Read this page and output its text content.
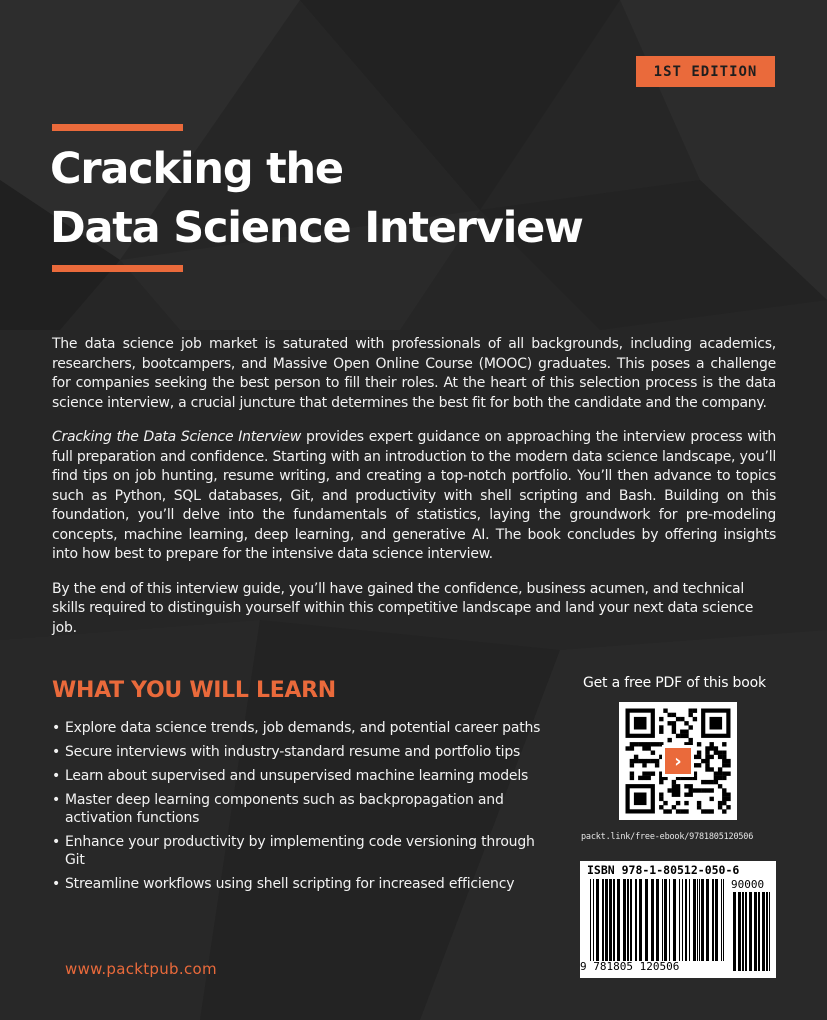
1ST EDITION
Cracking the
Data Science Interview

The data science job market is saturated with professionals of all backgrounds, including academics, researchers, bootcampers, and Massive Open Online Course (MOOC) graduates. This poses a challenge for companies seeking the best person to fill their roles. At the heart of this selection process is the data science interview, a crucial juncture that determines the best fit for both the candidate and the company.

Cracking the Data Science Interview provides expert guidance on approaching the interview process with full preparation and confidence. Starting with an introduction to the modern data science landscape, you’ll find tips on job hunting, resume writing, and creating a top-notch portfolio. You’ll then advance to topics such as Python, SQL databases, Git, and productivity with shell scripting and Bash. Building on this foundation, you’ll delve into the fundamentals of statistics, laying the groundwork for pre-modeling concepts, machine learning, deep learning, and generative AI. The book concludes by offering insights into how best to prepare for the intensive data science interview.

By the end of this interview guide, you’ll have gained the confidence, business acumen, and technical skills required to distinguish yourself within this competitive landscape and land your next data science job.

WHAT YOU WILL LEARN
• Explore data science trends, job demands, and potential career paths
• Secure interviews with industry-standard resume and portfolio tips
• Learn about supervised and unsupervised machine learning models
• Master deep learning components such as backpropagation and activation functions
• Enhance your productivity by implementing code versioning through Git
• Streamline workflows using shell scripting for increased efficiency
www.packtpub.com
Get a free PDF of this book
›
packt.link/free-ebook/9781805120506
ISBN 978-1-80512-050-6
90000
9 781805 120506
